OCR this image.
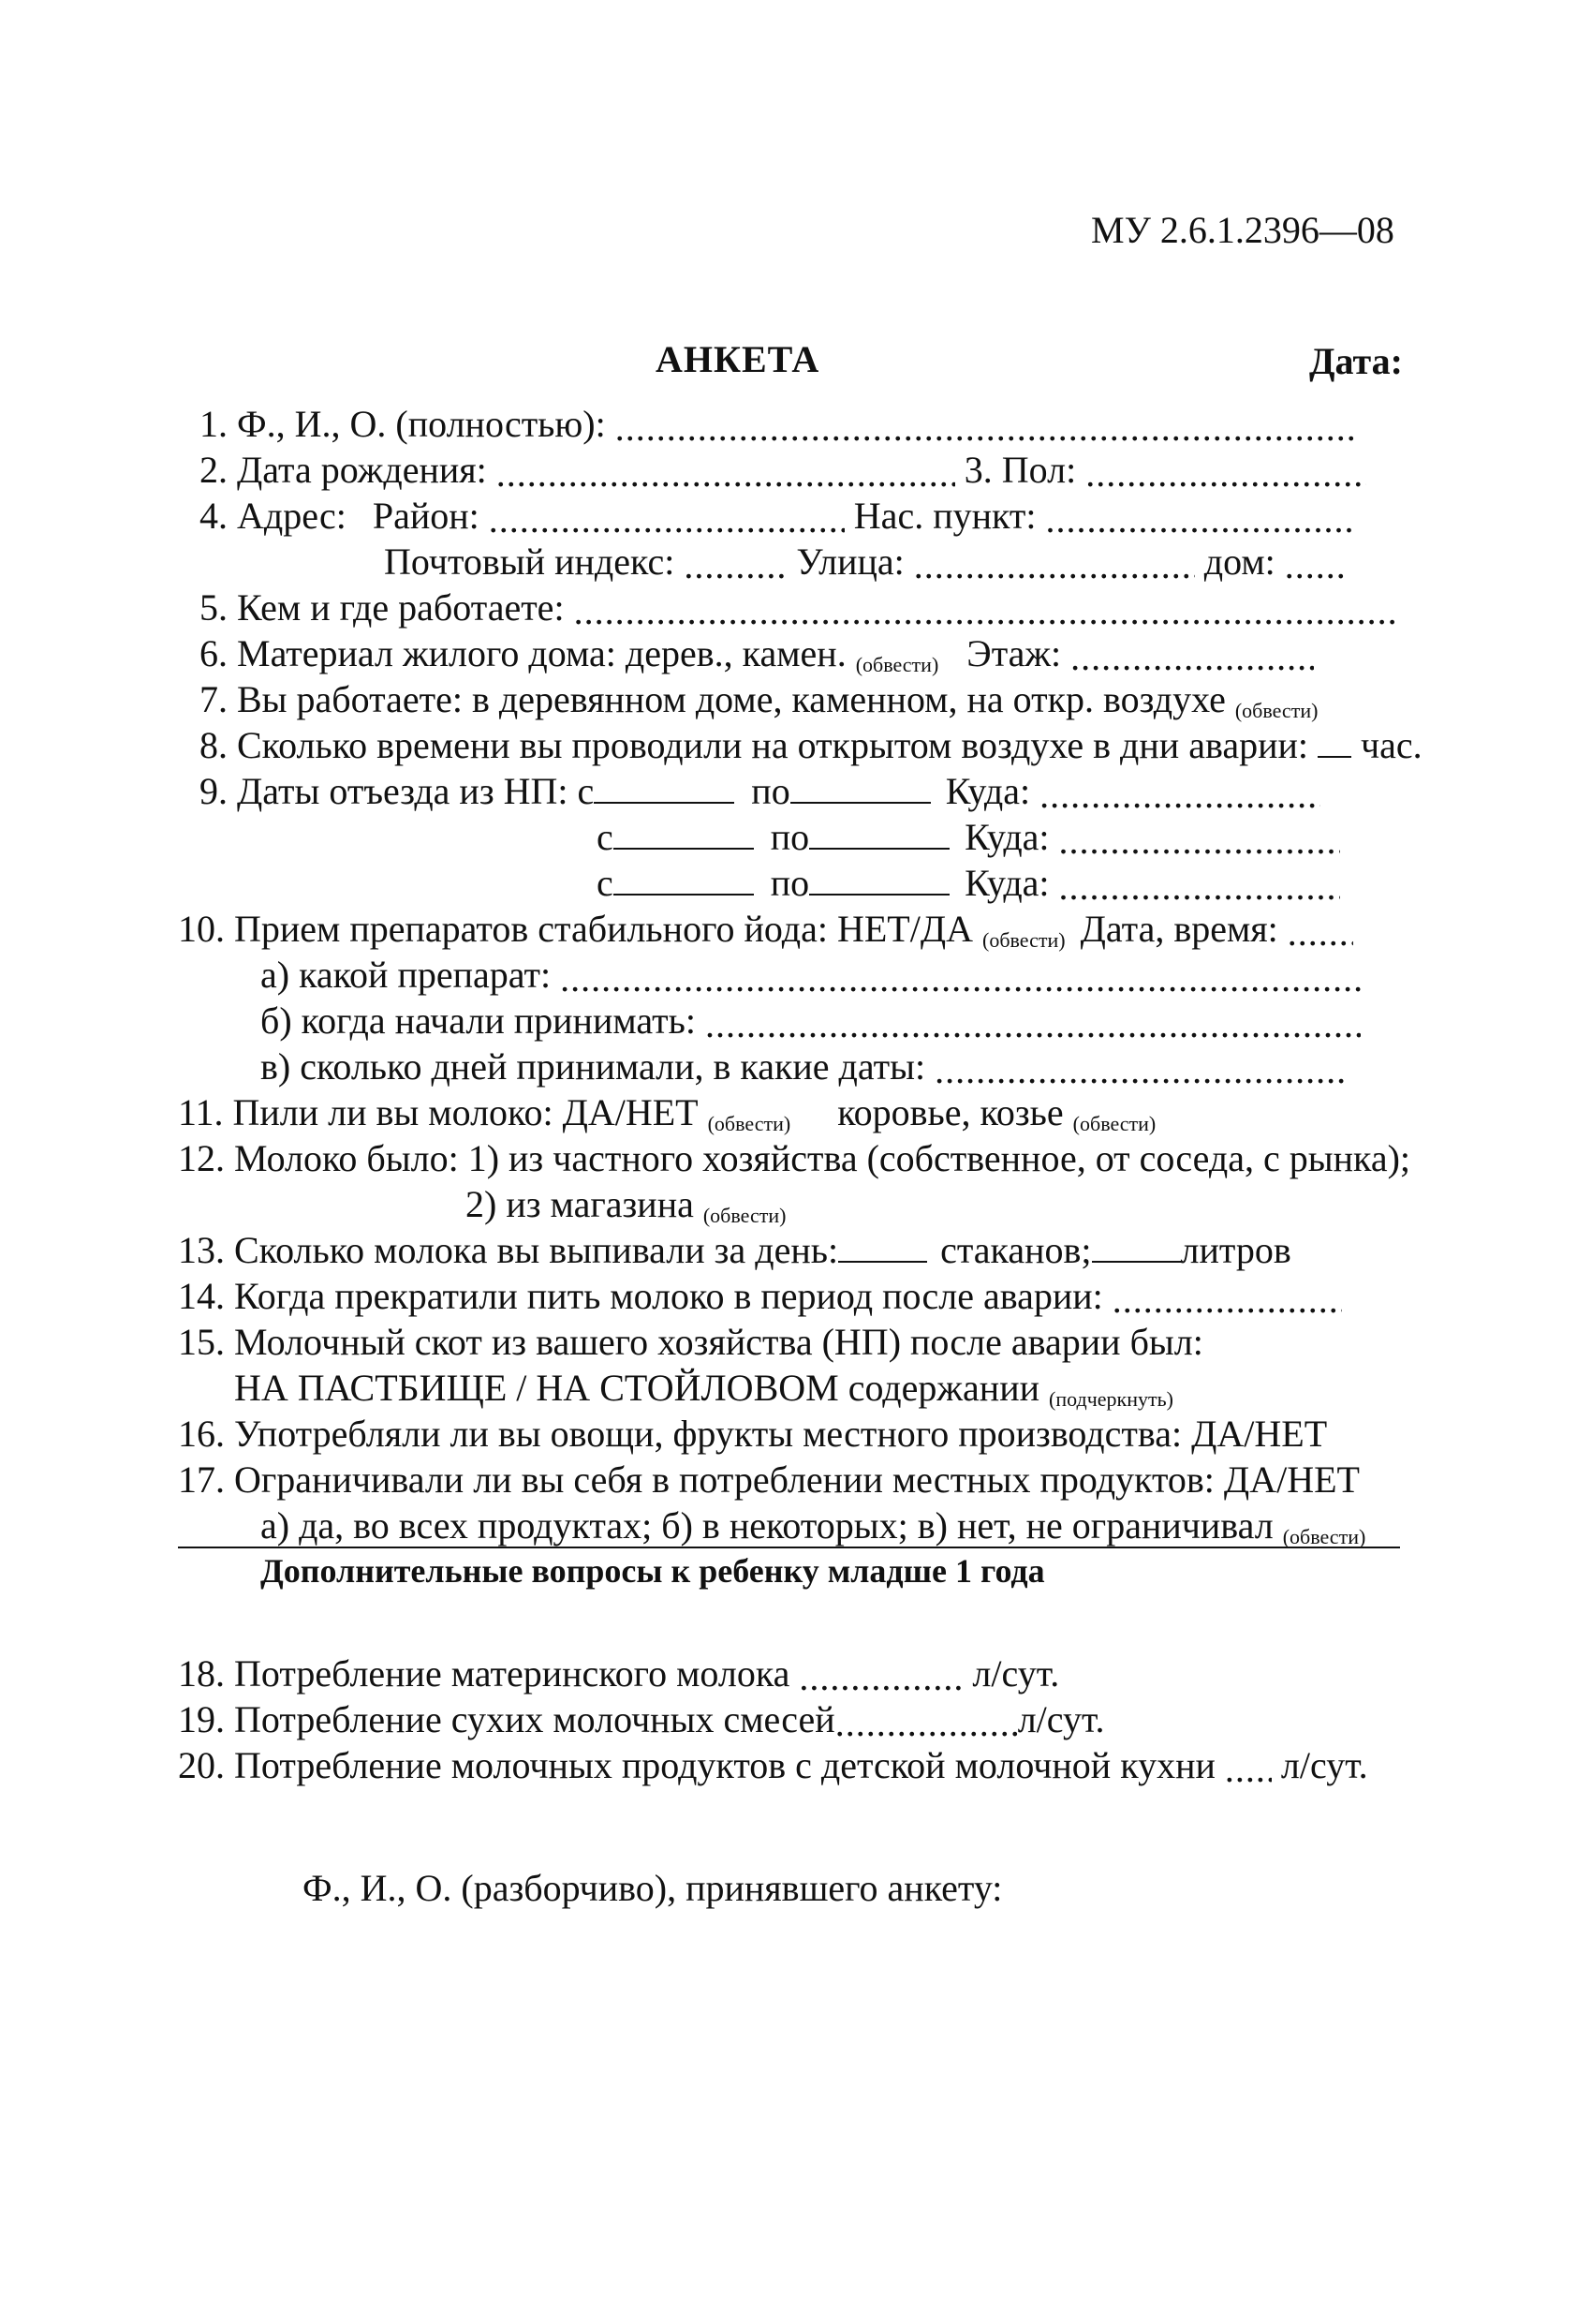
МУ 2.6.1.2396—08
АНКЕТА	Дата:
1. Ф., И., О. (полностью): .....
2. Дата рождения: .....	3. Пол: .....
4. Адрес: Район: .....	Нас. пункт: .....
Почтовый индекс: .....	Улица: .....	дом: .....
5. Кем и где работаете: .....
6. Материал жилого дома: дерев., камен. (обвести) Этаж: .....
7. Вы работаете: в деревянном доме, каменном, на откр. воздухе (обвести)
8. Сколько времени вы проводили на открытом воздухе в дни аварии: час.
9. Даты отъезда из НП: с	по	Куда: .....
с	по	Куда: .....
с	по	Куда: .....
10. Прием препаратов стабильного йода: НЕТ/ДА (обвести) Дата, время: .....
а) какой препарат: .....
б) когда начали принимать: .....
в) сколько дней принимали, в какие даты: .....
11. Пили ли вы молоко: ДА/НЕТ (обвести) коровье, козье (обвести)
12. Молоко было: 1) из частного хозяйства (собственное, от соседа, с рынка);
2) из магазина (обвести)
13. Сколько молока вы выпивали за день:	стаканов; литров
14. Когда прекратили пить молоко в период после аварии: .....
15. Молочный скот из вашего хозяйства (НП) после аварии был:
НА ПАСТБИЩЕ / НА СТОЙЛОВОМ содержании (подчеркнуть)
16. Употребляли ли вы овощи, фрукты местного производства: ДА/НЕТ
17. Ограничивали ли вы себя в потреблении местных продуктов: ДА/НЕТ
а) да, во всех продуктах; б) в некоторых; в) нет, не ограничивал (обвести)
Дополнительные вопросы к ребенку младше 1 года
18. Потребление материнского молока .....	л/сут.
19. Потребление сухих молочных смесей .....	л/сут.
20. Потребление молочных продуктов с детской молочной кухни ..... л/сут.
Ф., И., О. (разборчиво), принявшего анкету:
